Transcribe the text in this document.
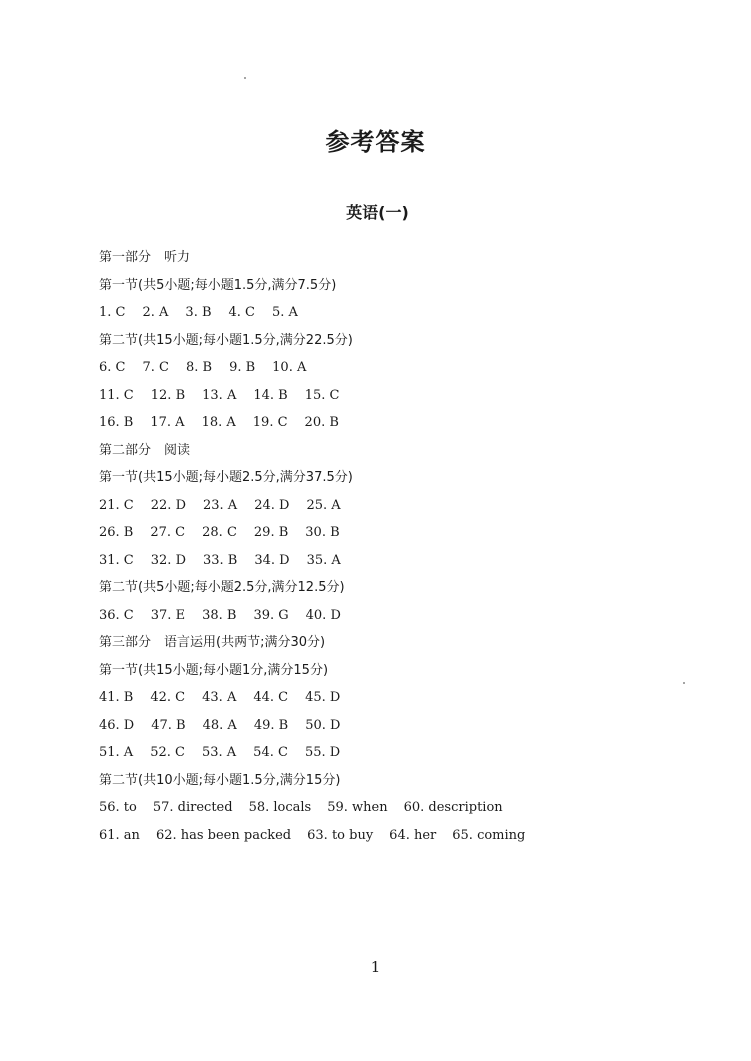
参考答案
英语(一)
第一部分　听力
第一节(共5小题;每小题1.5分,满分7.5分)
1. C 2. A 3. B 4. C 5. A
第二节(共15小题;每小题1.5分,满分22.5分)
6. C 7. C 8. B 9. B 10. A
11. C 12. B 13. A 14. B 15. C
16. B 17. A 18. A 19. C 20. B
第二部分　阅读
第一节(共15小题;每小题2.5分,满分37.5分)
21. C 22. D 23. A 24. D 25. A
26. B 27. C 28. C 29. B 30. B
31. C 32. D 33. B 34. D 35. A
第二节(共5小题;每小题2.5分,满分12.5分)
36. C 37. E 38. B 39. G 40. D
第三部分　语言运用(共两节;满分30分)
第一节(共15小题;每小题1分,满分15分)
41. B 42. C 43. A 44. C 45. D
46. D 47. B 48. A 49. B 50. D
51. A 52. C 53. A 54. C 55. D
第二节(共10小题;每小题1.5分,满分15分)
56. to 57. directed 58. locals 59. when 60. description
61. an 62. has been packed 63. to buy 64. her 65. coming
1
